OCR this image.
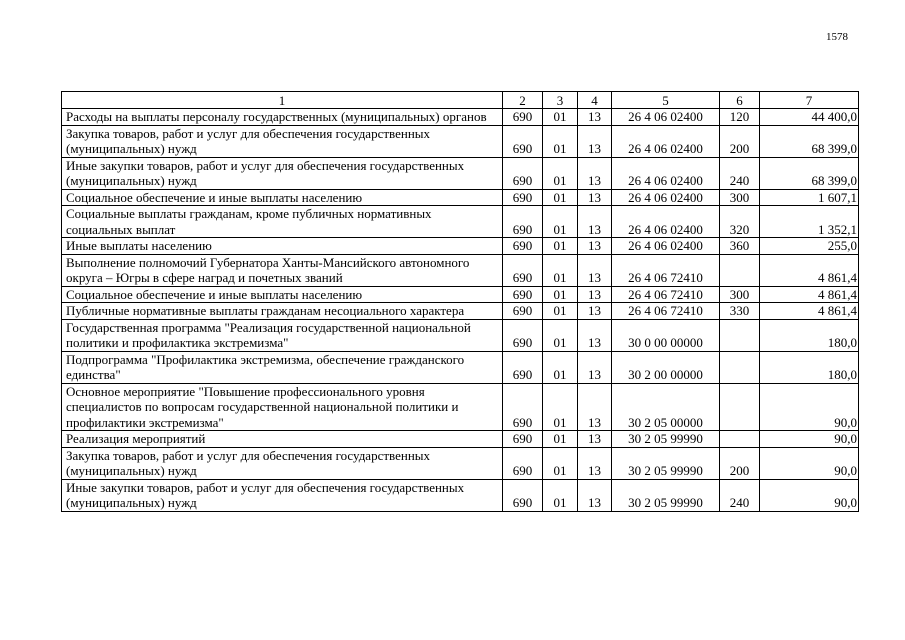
1578
1	2	3	4	5	6	7
Расходы на выплаты персоналу государственных (муниципальных) органов	690	01	13	26 4 06 02400	120	44 400,0
Закупка товаров, работ и услуг для обеспечения государственных (муниципальных) нужд	690	01	13	26 4 06 02400	200	68 399,0
Иные закупки товаров, работ и услуг для обеспечения государственных (муниципальных) нужд	690	01	13	26 4 06 02400	240	68 399,0
Социальное обеспечение и иные выплаты населению	690	01	13	26 4 06 02400	300	1 607,1
Социальные выплаты гражданам, кроме публичных нормативных социальных выплат	690	01	13	26 4 06 02400	320	1 352,1
Иные выплаты населению	690	01	13	26 4 06 02400	360	255,0
Выполнение полномочий Губернатора Ханты-Мансийского автономного округа – Югры в сфере наград и почетных званий	690	01	13	26 4 06 72410		4 861,4
Социальное обеспечение и иные выплаты населению	690	01	13	26 4 06 72410	300	4 861,4
Публичные нормативные выплаты гражданам несоциального характера	690	01	13	26 4 06 72410	330	4 861,4
Государственная программа "Реализация государственной национальной политики и профилактика экстремизма"	690	01	13	30 0 00 00000		180,0
Подпрограмма "Профилактика экстремизма, обеспечение гражданского единства"	690	01	13	30 2 00 00000		180,0
Основное мероприятие "Повышение профессионального уровня специалистов по вопросам государственной национальной политики и профилактики экстремизма"	690	01	13	30 2 05 00000		90,0
Реализация мероприятий	690	01	13	30 2 05 99990		90,0
Закупка товаров, работ и услуг для обеспечения государственных (муниципальных) нужд	690	01	13	30 2 05 99990	200	90,0
Иные закупки товаров, работ и услуг для обеспечения государственных (муниципальных) нужд	690	01	13	30 2 05 99990	240	90,0
